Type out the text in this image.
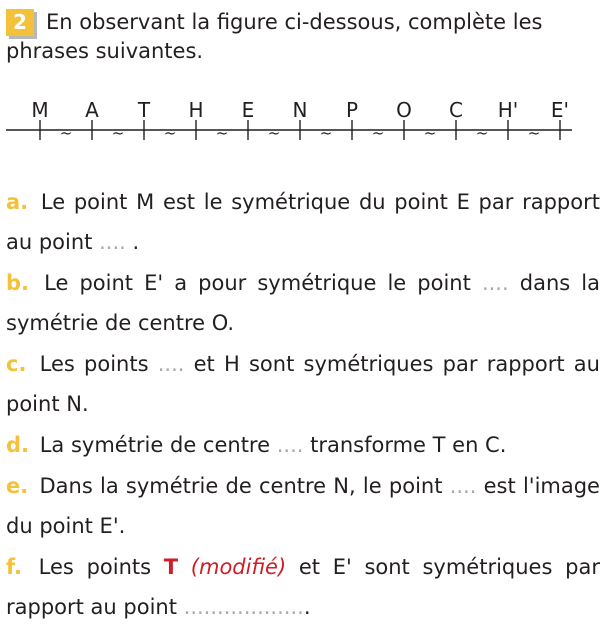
2 En observant la figure ci-dessous, complète les phrases suivantes.
~	~	~	~	~	~	~	~	~	~
M A T H E N P O C H' E'

a. Le point M est le symétrique du point E par rapport au point .... .

b. Le point E' a pour symétrique le point .... dans la symétrie de centre O.

c. Les points .... et H sont symétriques par rapport au point N.

d. La symétrie de centre .... transforme T en C.

e. Dans la symétrie de centre N, le point .... est l'image du point E'.

f. Les points T (modifié) et E' sont symétriques par rapport au point ...................
